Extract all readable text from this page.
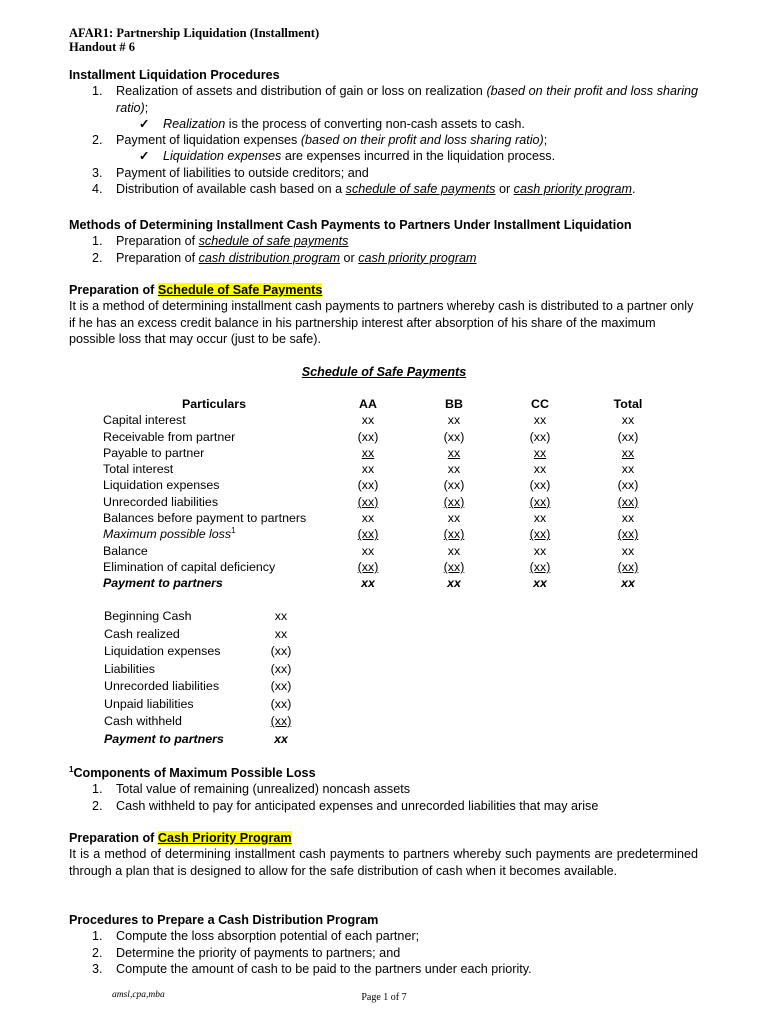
AFAR1: Partnership Liquidation (Installment)
Handout # 6
Installment Liquidation Procedures
1. Realization of assets and distribution of gain or loss on realization (based on their profit and loss sharing ratio);
✓ Realization is the process of converting non-cash assets to cash.
2. Payment of liquidation expenses (based on their profit and loss sharing ratio);
✓ Liquidation expenses are expenses incurred in the liquidation process.
3. Payment of liabilities to outside creditors; and
4. Distribution of available cash based on a schedule of safe payments or cash priority program.
Methods of Determining Installment Cash Payments to Partners Under Installment Liquidation
1. Preparation of schedule of safe payments
2. Preparation of cash distribution program or cash priority program
Preparation of Schedule of Safe Payments
It is a method of determining installment cash payments to partners whereby cash is distributed to a partner only if he has an excess credit balance in his partnership interest after absorption of his share of the maximum possible loss that may occur (just to be safe).
Schedule of Safe Payments
Particulars	AA	BB	CC	Total
Capital interest	xx	xx	xx	xx
Receivable from partner	(xx)	(xx)	(xx)	(xx)
Payable to partner	xx	xx	xx	xx
Total interest	xx	xx	xx	xx
Liquidation expenses	(xx)	(xx)	(xx)	(xx)
Unrecorded liabilities	(xx)	(xx)	(xx)	(xx)
Balances before payment to partners	xx	xx	xx	xx
Maximum possible loss$^1$	(xx)	(xx)	(xx)	(xx)
Balance	xx	xx	xx	xx
Elimination of capital deficiency	(xx)	(xx)	(xx)	(xx)
Payment to partners	xx	xx	xx	xx
Beginning Cash	xx
Cash realized	xx
Liquidation expenses	(xx)
Liabilities	(xx)
Unrecorded liabilities	(xx)
Unpaid liabilities	(xx)
Cash withheld	(xx)
Payment to partners	xx
$^1$Components of Maximum Possible Loss
1. Total value of remaining (unrealized) noncash assets
2. Cash withheld to pay for anticipated expenses and unrecorded liabilities that may arise
Preparation of Cash Priority Program
It is a method of determining installment cash payments to partners whereby such payments are predetermined through a plan that is designed to allow for the safe distribution of cash when it becomes available.
Procedures to Prepare a Cash Distribution Program
1. Compute the loss absorption potential of each partner;
2. Determine the priority of payments to partners; and
3. Compute the amount of cash to be paid to the partners under each priority.
amsl,cpa,mba	Page 1 of 7
